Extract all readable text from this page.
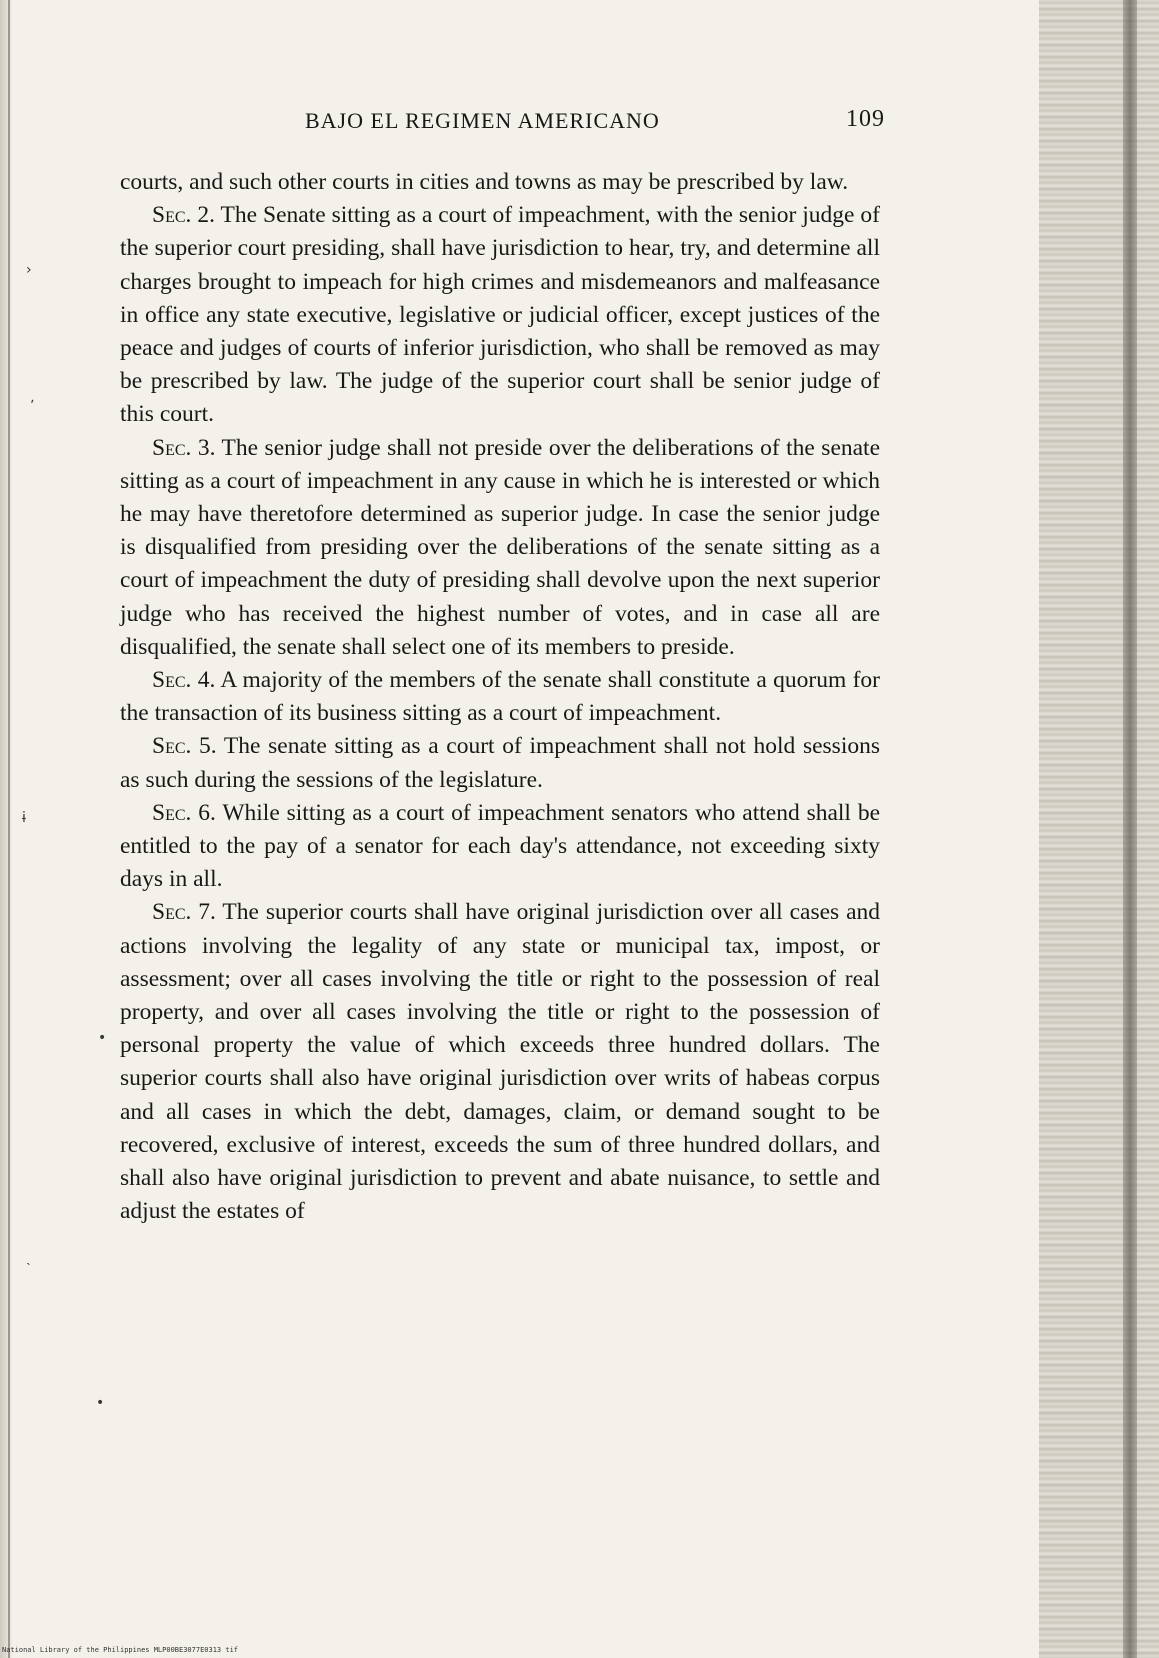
›
ʼ
ɨ
•
˴
•
BAJO EL REGIMEN AMERICANO	109

courts, and such other courts in cities and towns as may be prescribed by law.

Sec. 2. The Senate sitting as a court of impeachment, with the senior judge of the superior court presiding, shall have jurisdiction to hear, try, and determine all charges brought to impeach for high crimes and misdemeanors and malfeasance in office any state executive, legislative or judicial officer, except justices of the peace and judges of courts of inferior jurisdiction, who shall be removed as may be prescribed by law. The judge of the superior court shall be senior judge of this court.

Sec. 3. The senior judge shall not preside over the deliberations of the senate sitting as a court of impeachment in any cause in which he is interested or which he may have theretofore determined as superior judge. In case the senior judge is disqualified from presiding over the deliberations of the senate sitting as a court of impeachment the duty of presiding shall devolve upon the next superior judge who has received the highest number of votes, and in case all are disqualified, the senate shall select one of its members to preside.

Sec. 4. A majority of the members of the senate shall constitute a quorum for the transaction of its business sitting as a court of impeachment.

Sec. 5. The senate sitting as a court of impeachment shall not hold sessions as such during the sessions of the legislature.

Sec. 6. While sitting as a court of impeachment senators who attend shall be entitled to the pay of a senator for each day's attendance, not exceeding sixty days in all.

Sec. 7. The superior courts shall have original jurisdiction over all cases and actions involving the legality of any state or municipal tax, impost, or assessment; over all cases involving the title or right to the possession of real property, and over all cases involving the title or right to the possession of personal property the value of which exceeds three hundred dollars. The superior courts shall also have original jurisdiction over writs of habeas corpus and all cases in which the debt, damages, claim, or demand sought to be recovered, exclusive of interest, exceeds the sum of three hundred dollars, and shall also have original jurisdiction to prevent and abate nuisance, to settle and adjust the estates of

National Library of the Philippines MLP00BE3077E0313 tif
